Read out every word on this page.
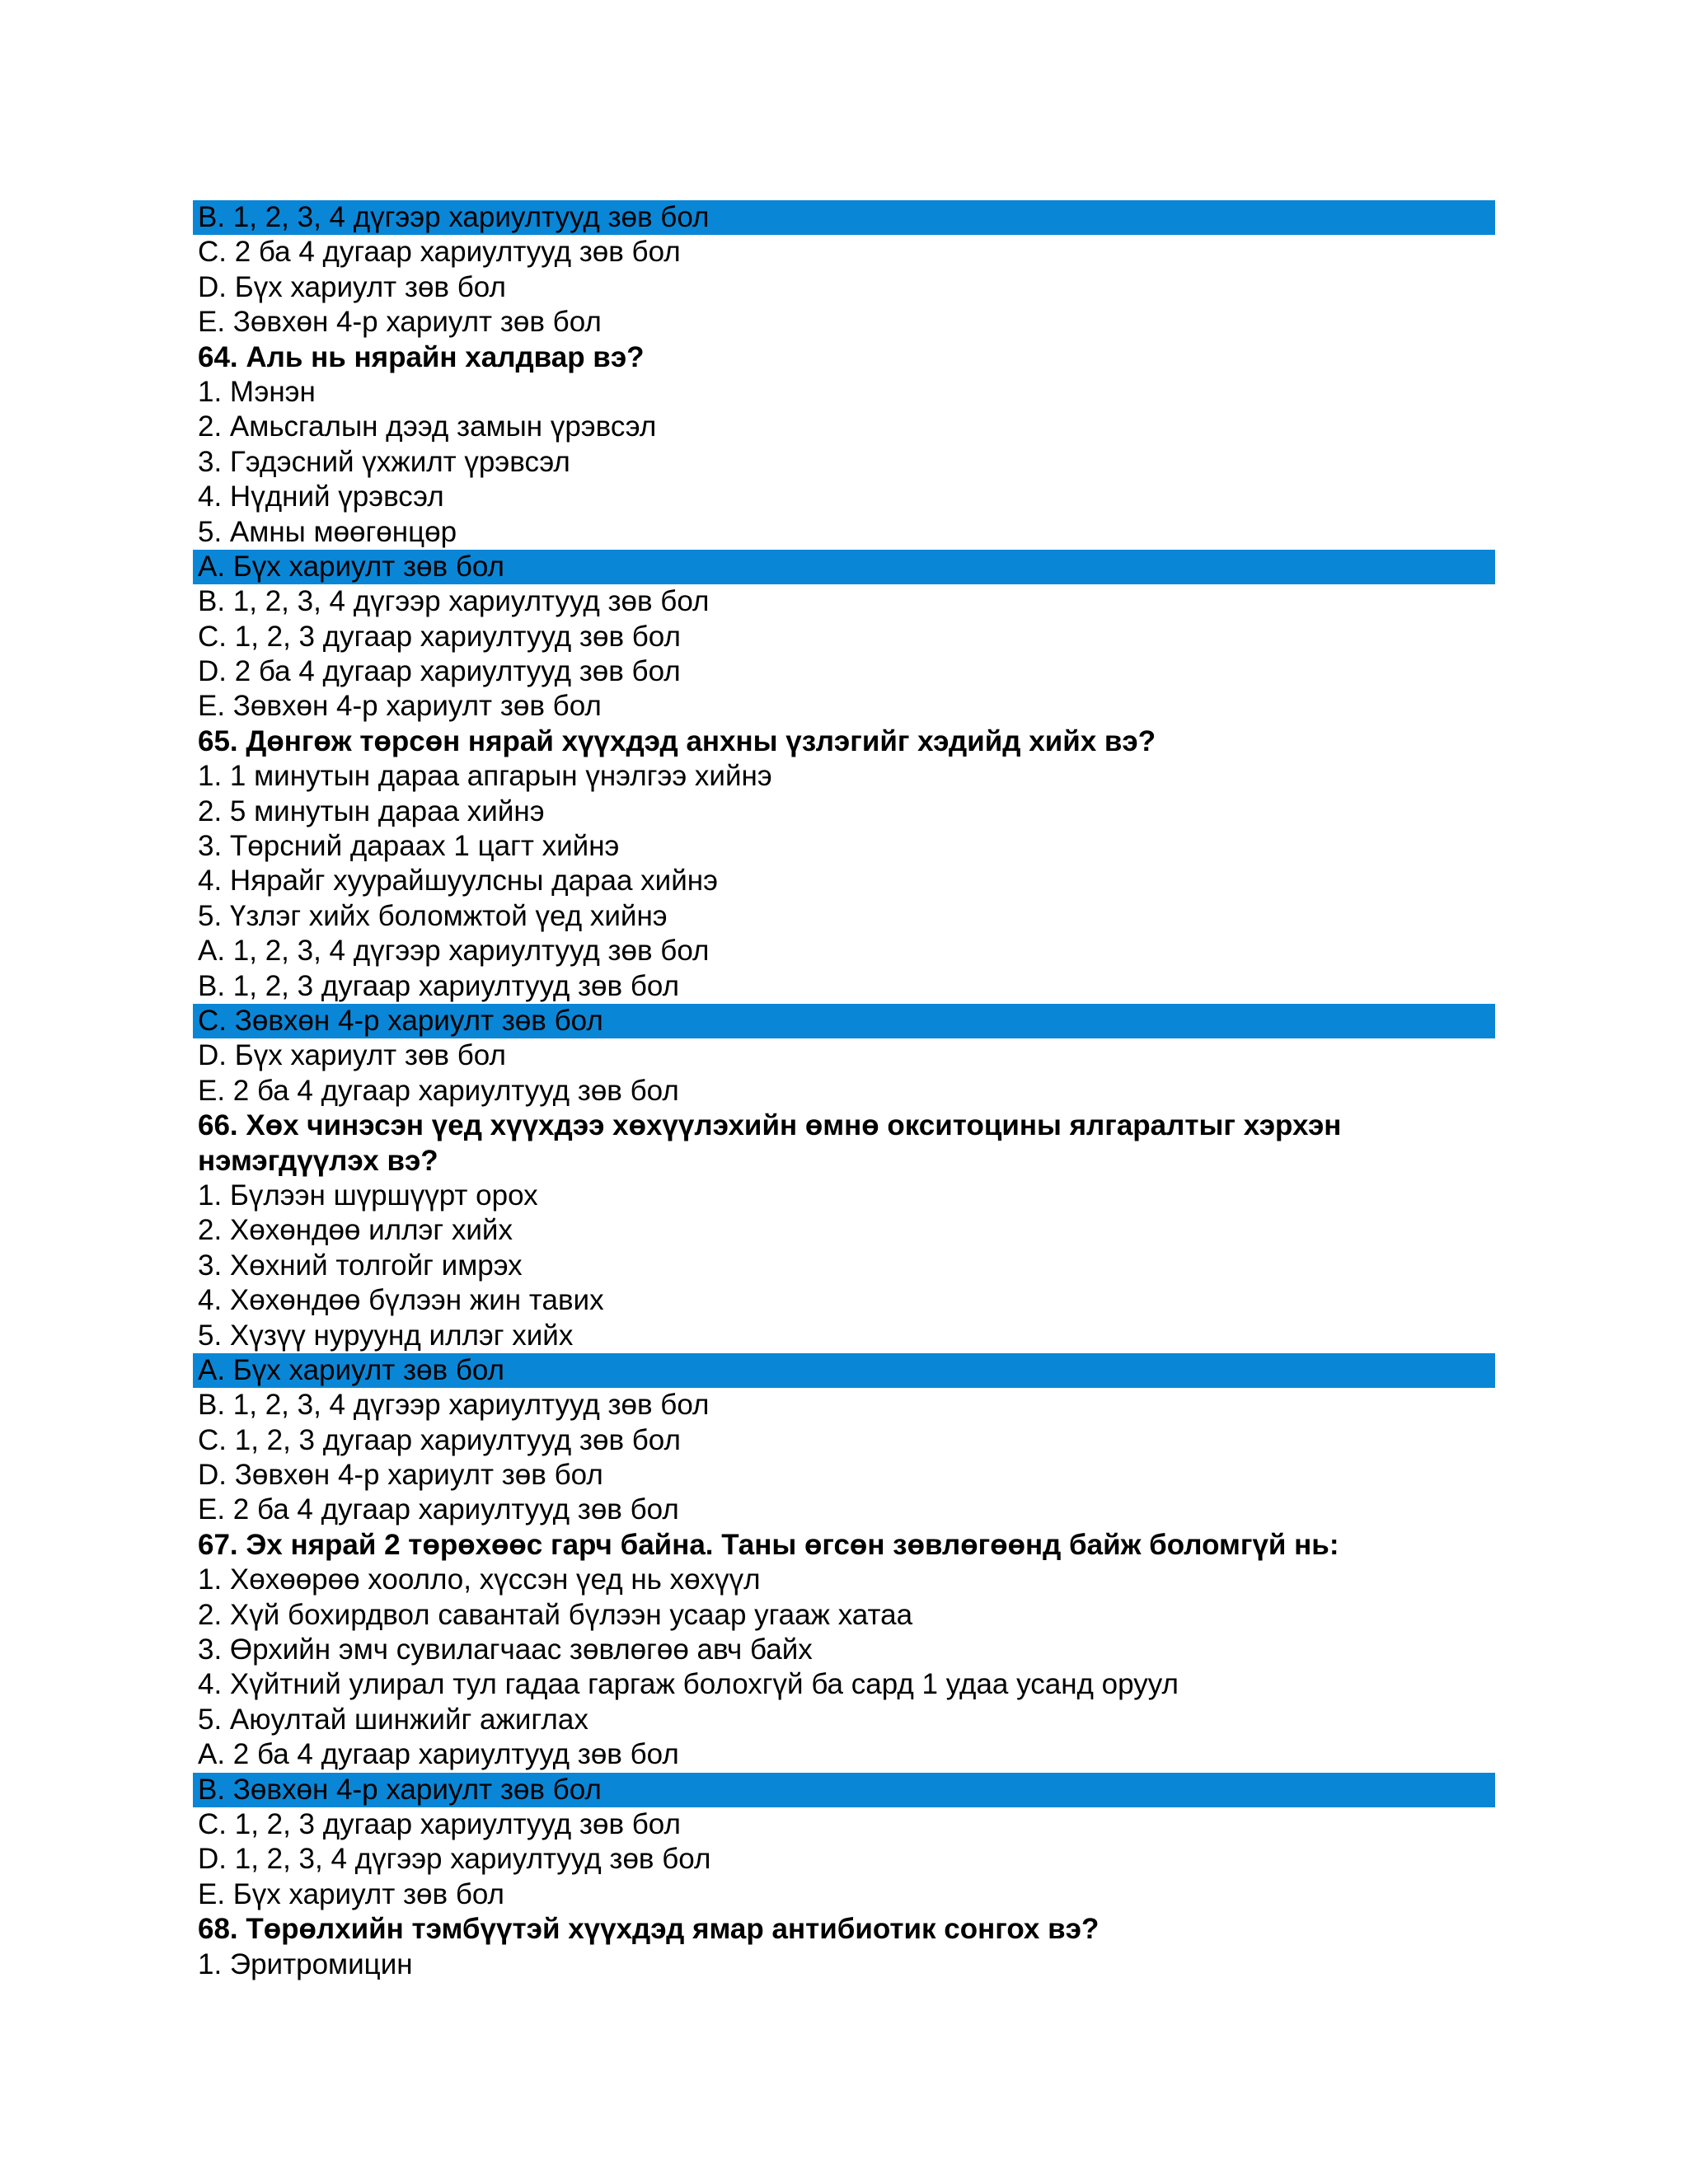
B. 1, 2, 3, 4 дүгээр хариултууд зөв бол
C. 2 ба 4 дугаар хариултууд зөв бол
D. Бүх хариулт зөв бол
E. Зөвхөн 4-р хариулт зөв бол
64. Аль нь нярайн халдвар вэ?
1. Мэнэн
2. Амьсгалын дээд замын үрэвсэл
3. Гэдэсний үхжилт үрэвсэл
4. Нүдний үрэвсэл
5. Амны мөөгөнцөр
A. Бүх хариулт зөв бол
B. 1, 2, 3, 4 дүгээр хариултууд зөв бол
C. 1, 2, 3 дугаар хариултууд зөв бол
D. 2 ба 4 дугаар хариултууд зөв бол
E. Зөвхөн 4-р хариулт зөв бол
65. Дөнгөж төрсөн нярай хүүхдэд анхны үзлэгийг хэдийд хийх вэ?
1. 1 минутын дараа апгарын үнэлгээ хийнэ
2. 5 минутын дараа хийнэ
3. Төрсний дараах 1 цагт хийнэ
4. Нярайг хуурайшуулсны дараа хийнэ
5. Үзлэг хийх боломжтой үед хийнэ
A. 1, 2, 3, 4 дүгээр хариултууд зөв бол
B. 1, 2, 3 дугаар хариултууд зөв бол
C. Зөвхөн 4-р хариулт зөв бол
D. Бүх хариулт зөв бол
E. 2 ба 4 дугаар хариултууд зөв бол
66. Хөх чинэсэн үед хүүхдээ хөхүүлэхийн өмнө окситоцины ялгаралтыг хэрхэн
нэмэгдүүлэх вэ?
1. Бүлээн шүршүүрт орох
2. Хөхөндөө иллэг хийх
3. Хөхний толгойг имрэх
4. Хөхөндөө бүлээн жин тавих
5. Хүзүү нуруунд иллэг хийх
A. Бүх хариулт зөв бол
B. 1, 2, 3, 4 дүгээр хариултууд зөв бол
C. 1, 2, 3 дугаар хариултууд зөв бол
D. Зөвхөн 4-р хариулт зөв бол
E. 2 ба 4 дугаар хариултууд зөв бол
67. Эх нярай 2 төрөхөөс гарч байна. Таны өгсөн зөвлөгөөнд байж боломгүй нь:
1. Хөхөөрөө хоолло, хүссэн үед нь хөхүүл
2. Хүй бохирдвол савантай бүлээн усаар угааж хатаа
3. Өрхийн эмч сувилагчаас зөвлөгөө авч байх
4. Хүйтний улирал тул гадаа гаргаж болохгүй ба сард 1 удаа усанд оруул
5. Аюултай шинжийг ажиглах
A. 2 ба 4 дугаар хариултууд зөв бол
B. Зөвхөн 4-р хариулт зөв бол
C. 1, 2, 3 дугаар хариултууд зөв бол
D. 1, 2, 3, 4 дүгээр хариултууд зөв бол
E. Бүх хариулт зөв бол
68. Төрөлхийн тэмбүүтэй хүүхдэд ямар антибиотик сонгох вэ?
1. Эритромицин
